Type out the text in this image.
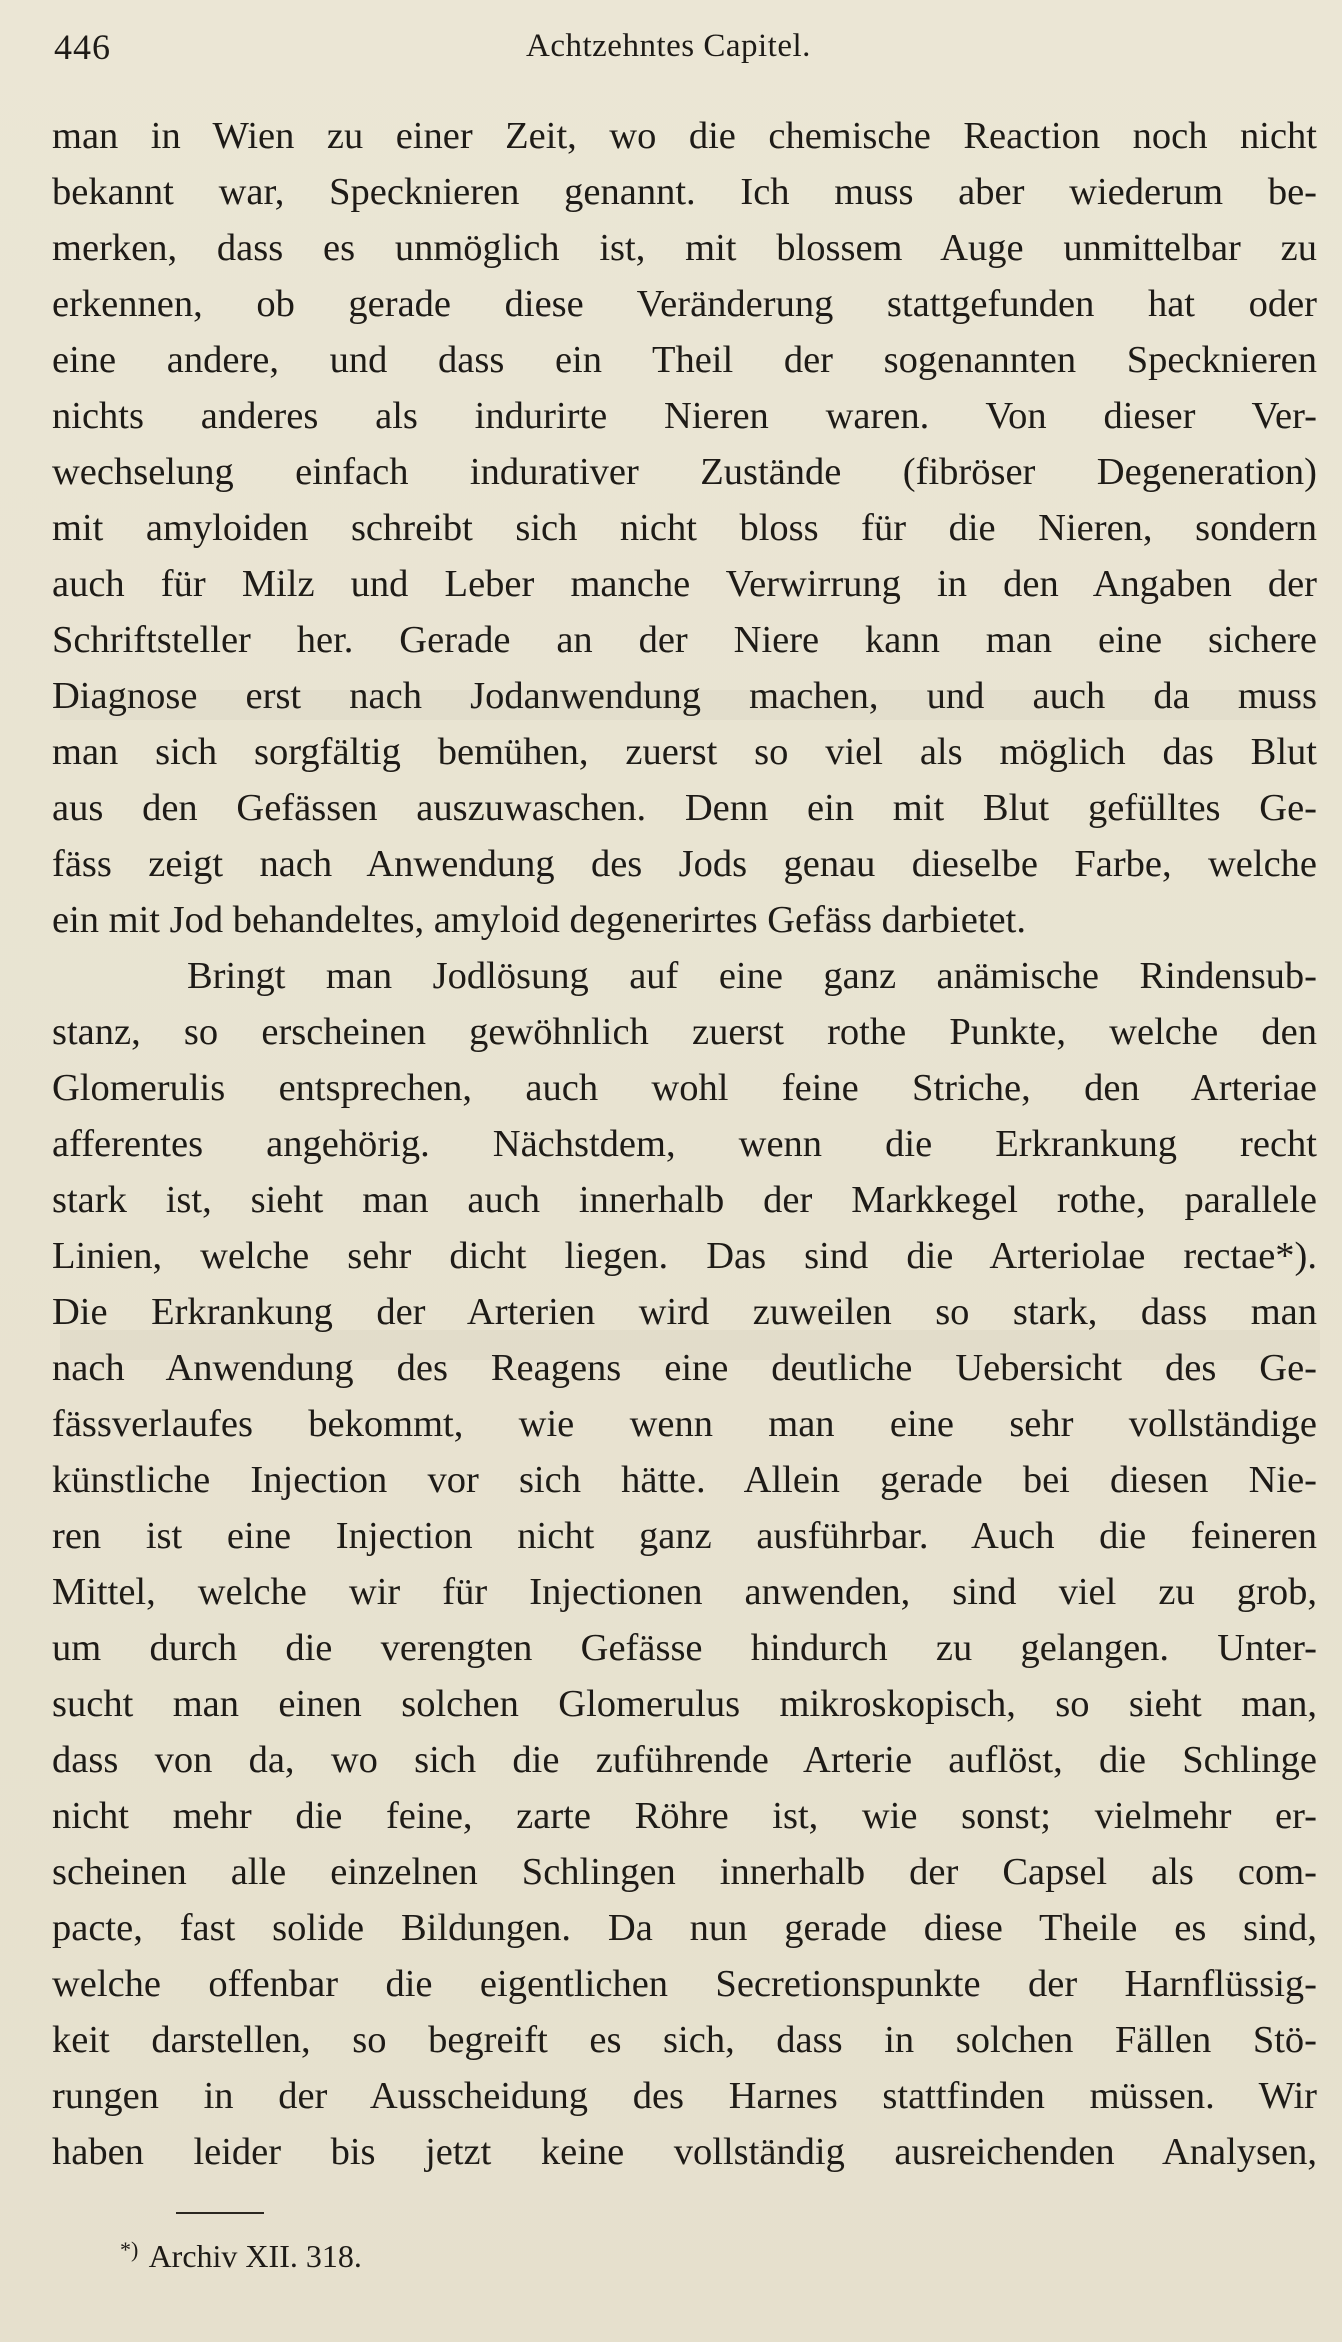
446	Achtzehntes Capitel.
man in Wien zu einer Zeit, wo die chemische Reaction noch nicht
bekannt war, Specknieren genannt. Ich muss aber wiederum be-
merken, dass es unmöglich ist, mit blossem Auge unmittelbar zu
erkennen, ob gerade diese Veränderung stattgefunden hat oder
eine andere, und dass ein Theil der sogenannten Specknieren
nichts anderes als indurirte Nieren waren. Von dieser Ver-
wechselung einfach indurativer Zustände (fibröser Degeneration)
mit amyloiden schreibt sich nicht bloss für die Nieren, sondern
auch für Milz und Leber manche Verwirrung in den Angaben der
Schriftsteller her. Gerade an der Niere kann man eine sichere
Diagnose erst nach Jodanwendung machen, und auch da muss
man sich sorgfältig bemühen, zuerst so viel als möglich das Blut
aus den Gefässen auszuwaschen. Denn ein mit Blut gefülltes Ge-
fäss zeigt nach Anwendung des Jods genau dieselbe Farbe, welche
ein mit Jod behandeltes, amyloid degenerirtes Gefäss darbietet.
Bringt man Jodlösung auf eine ganz anämische Rindensub-
stanz, so erscheinen gewöhnlich zuerst rothe Punkte, welche den
Glomerulis entsprechen, auch wohl feine Striche, den Arteriae
afferentes angehörig. Nächstdem, wenn die Erkrankung recht
stark ist, sieht man auch innerhalb der Markkegel rothe, parallele
Linien, welche sehr dicht liegen. Das sind die Arteriolae rectae*).
Die Erkrankung der Arterien wird zuweilen so stark, dass man
nach Anwendung des Reagens eine deutliche Uebersicht des Ge-
fässverlaufes bekommt, wie wenn man eine sehr vollständige
künstliche Injection vor sich hätte. Allein gerade bei diesen Nie-
ren ist eine Injection nicht ganz ausführbar. Auch die feineren
Mittel, welche wir für Injectionen anwenden, sind viel zu grob,
um durch die verengten Gefässe hindurch zu gelangen. Unter-
sucht man einen solchen Glomerulus mikroskopisch, so sieht man,
dass von da, wo sich die zuführende Arterie auflöst, die Schlinge
nicht mehr die feine, zarte Röhre ist, wie sonst; vielmehr er-
scheinen alle einzelnen Schlingen innerhalb der Capsel als com-
pacte, fast solide Bildungen. Da nun gerade diese Theile es sind,
welche offenbar die eigentlichen Secretionspunkte der Harnflüssig-
keit darstellen, so begreift es sich, dass in solchen Fällen Stö-
rungen in der Ausscheidung des Harnes stattfinden müssen. Wir
haben leider bis jetzt keine vollständig ausreichenden Analysen,
*) Archiv XII. 318.
